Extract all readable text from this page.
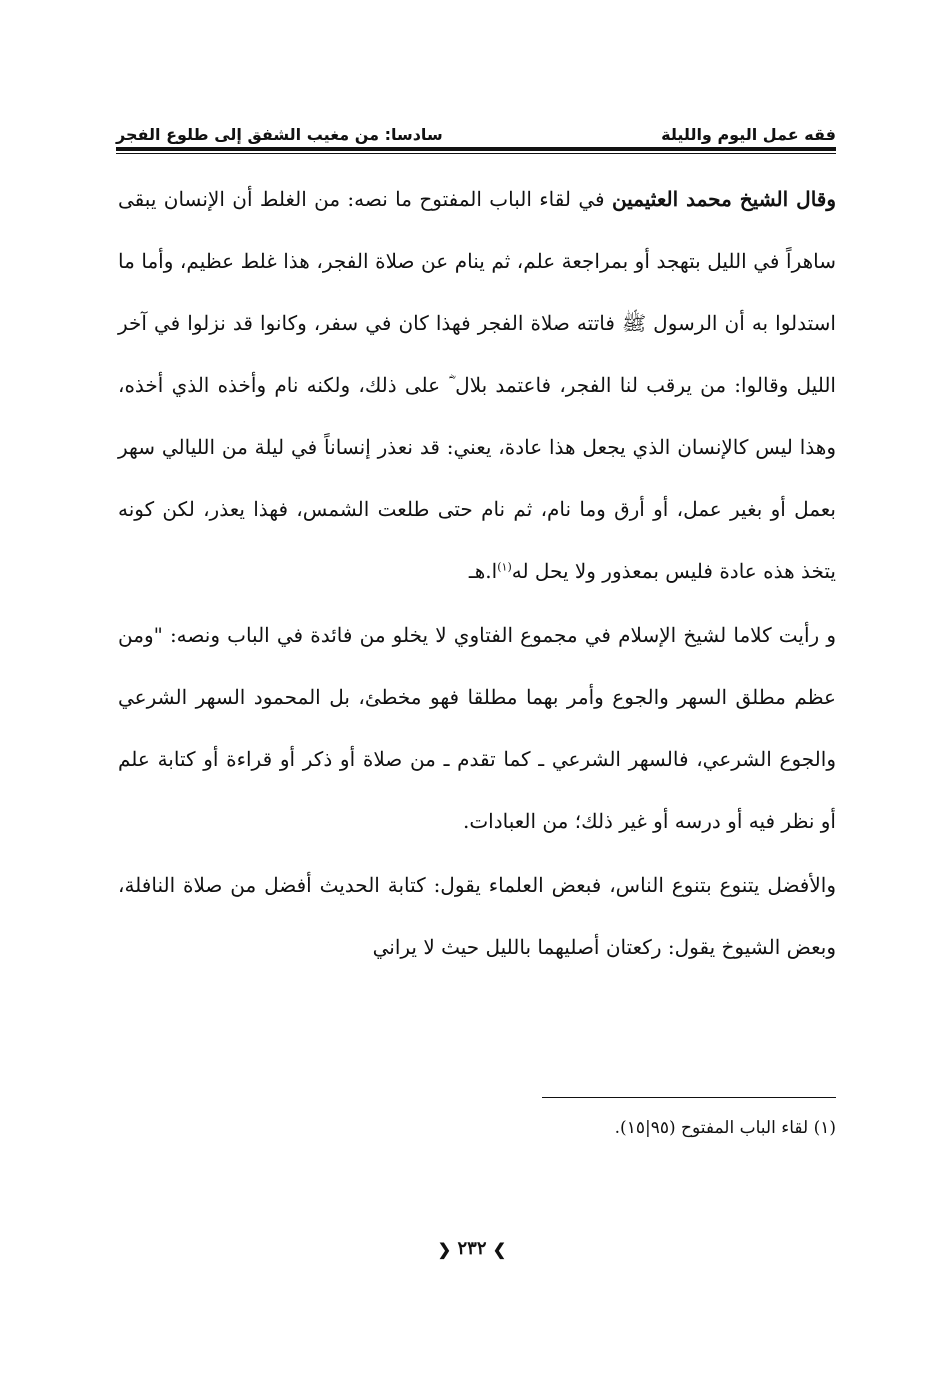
فقه عمل اليوم والليلة
سادسا: من مغيب الشفق إلى طلوع الفجر

وقال الشيخ محمد العثيمين في لقاء الباب المفتوح ما نصه: من الغلط أن الإنسان يبقى ساهراً في الليل بتهجد أو بمراجعة علم، ثم ينام عن صلاة الفجر، هذا غلط عظيم، وأما ما استدلوا به أن الرسول ﷺ فاتته صلاة الفجر فهذا كان في سفر، وكانوا قد نزلوا في آخر الليل وقالوا: من يرقب لنا الفجر، فاعتمد بلال ؓ على ذلك، ولكنه نام وأخذه الذي أخذه، وهذا ليس كالإنسان الذي يجعل هذا عادة، يعني: قد نعذر إنساناً في ليلة من الليالي سهر بعمل أو بغير عمل، أو أرق وما نام، ثم نام حتى طلعت الشمس، فهذا يعذر، لكن كونه يتخذ هذه عادة فليس بمعذور ولا يحل له$^{(١)}$ا.هـ

و رأيت كلاما لشيخ الإسلام في مجموع الفتاوي لا يخلو من فائدة في الباب ونصه: "ومن عظم مطلق السهر والجوع وأمر بهما مطلقا فهو مخطئ، بل المحمود السهر الشرعي والجوع الشرعي، فالسهر الشرعي ـ كما تقدم ـ من صلاة أو ذكر أو قراءة أو كتابة علم أو نظر فيه أو درسه أو غير ذلك؛ من العبادات.

والأفضل يتنوع بتنوع الناس، فبعض العلماء يقول: كتابة الحديث أفضل من صلاة النافلة، وبعض الشيوخ يقول: ركعتان أصليهما بالليل حيث لا يراني

(١) لقاء الباب المفتوح (٩٥|١٥).
❯ ٢٣٢ ❮
